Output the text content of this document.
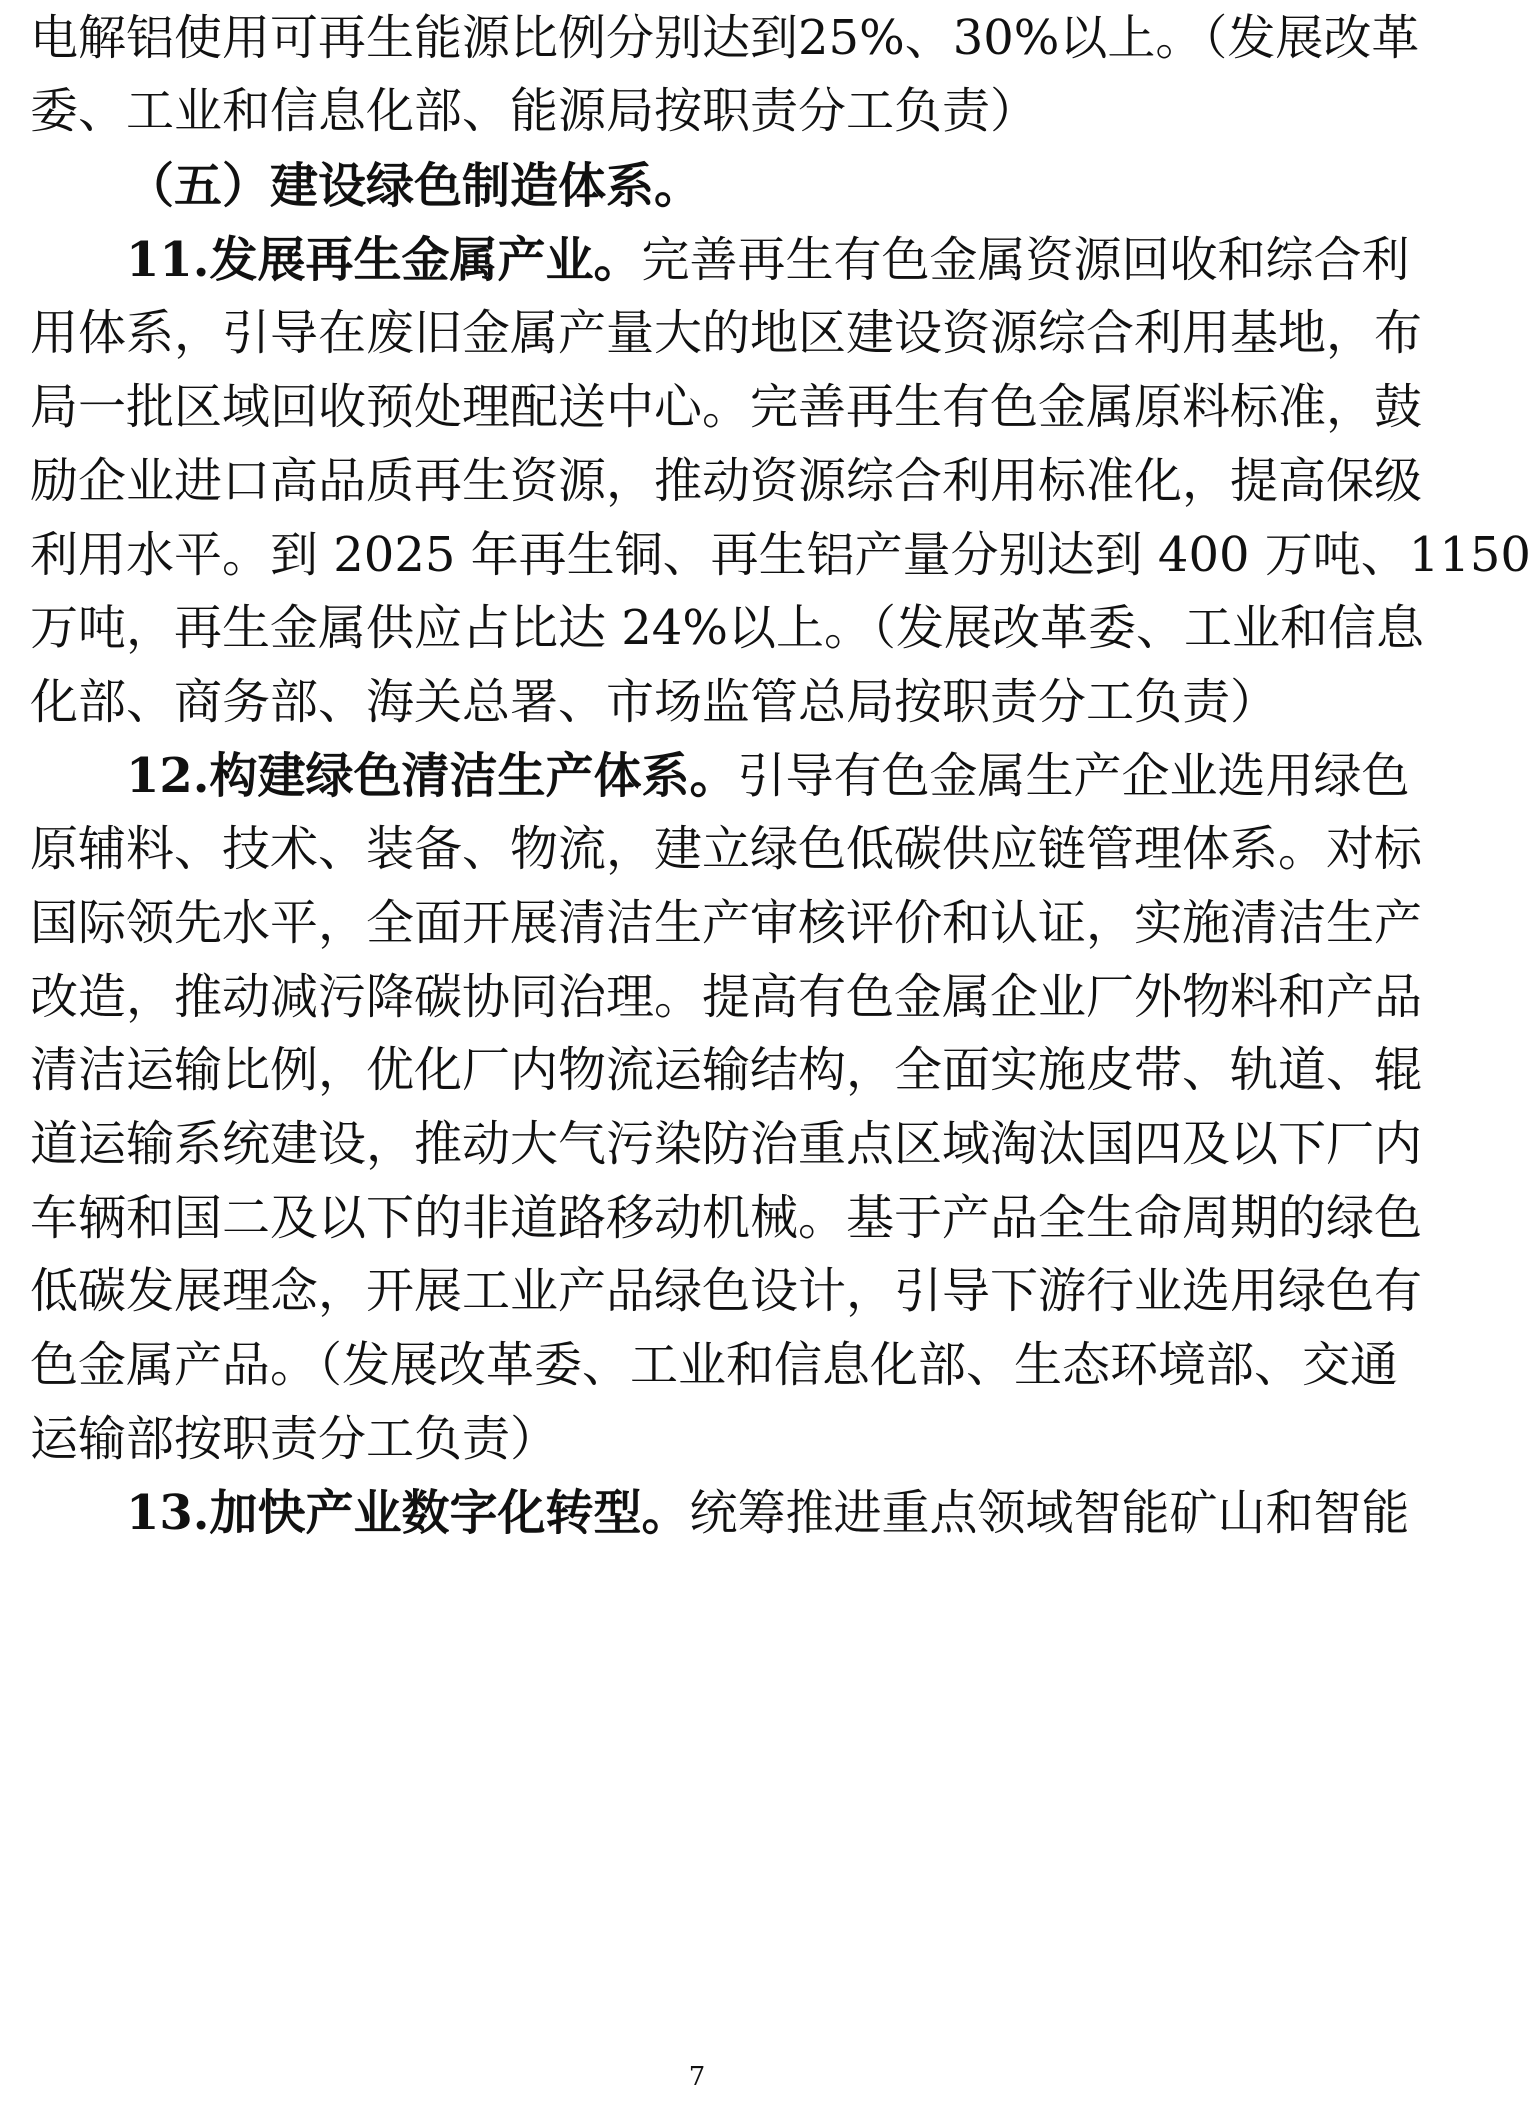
电解铝使用可再生能源比例分别达到25%、30%以上。（发展改革
委、工业和信息化部、能源局按职责分工负责）
（五）建设绿色制造体系。
11.发展再生金属产业。完善再生有色金属资源回收和综合利
用体系，引导在废旧金属产量大的地区建设资源综合利用基地，布
局一批区域回收预处理配送中心。完善再生有色金属原料标准，鼓
励企业进口高品质再生资源，推动资源综合利用标准化，提高保级
利用水平。到 2025 年再生铜、再生铝产量分别达到 400 万吨、1150
万吨，再生金属供应占比达 24%以上。（发展改革委、工业和信息
化部、商务部、海关总署、市场监管总局按职责分工负责）
12.构建绿色清洁生产体系。引导有色金属生产企业选用绿色
原辅料、技术、装备、物流，建立绿色低碳供应链管理体系。对标
国际领先水平，全面开展清洁生产审核评价和认证，实施清洁生产
改造，推动减污降碳协同治理。提高有色金属企业厂外物料和产品
清洁运输比例，优化厂内物流运输结构，全面实施皮带、轨道、辊
道运输系统建设，推动大气污染防治重点区域淘汰国四及以下厂内
车辆和国二及以下的非道路移动机械。基于产品全生命周期的绿色
低碳发展理念，开展工业产品绿色设计，引导下游行业选用绿色有
色金属产品。（发展改革委、工业和信息化部、生态环境部、交通
运输部按职责分工负责）
13.加快产业数字化转型。统筹推进重点领域智能矿山和智能
7
